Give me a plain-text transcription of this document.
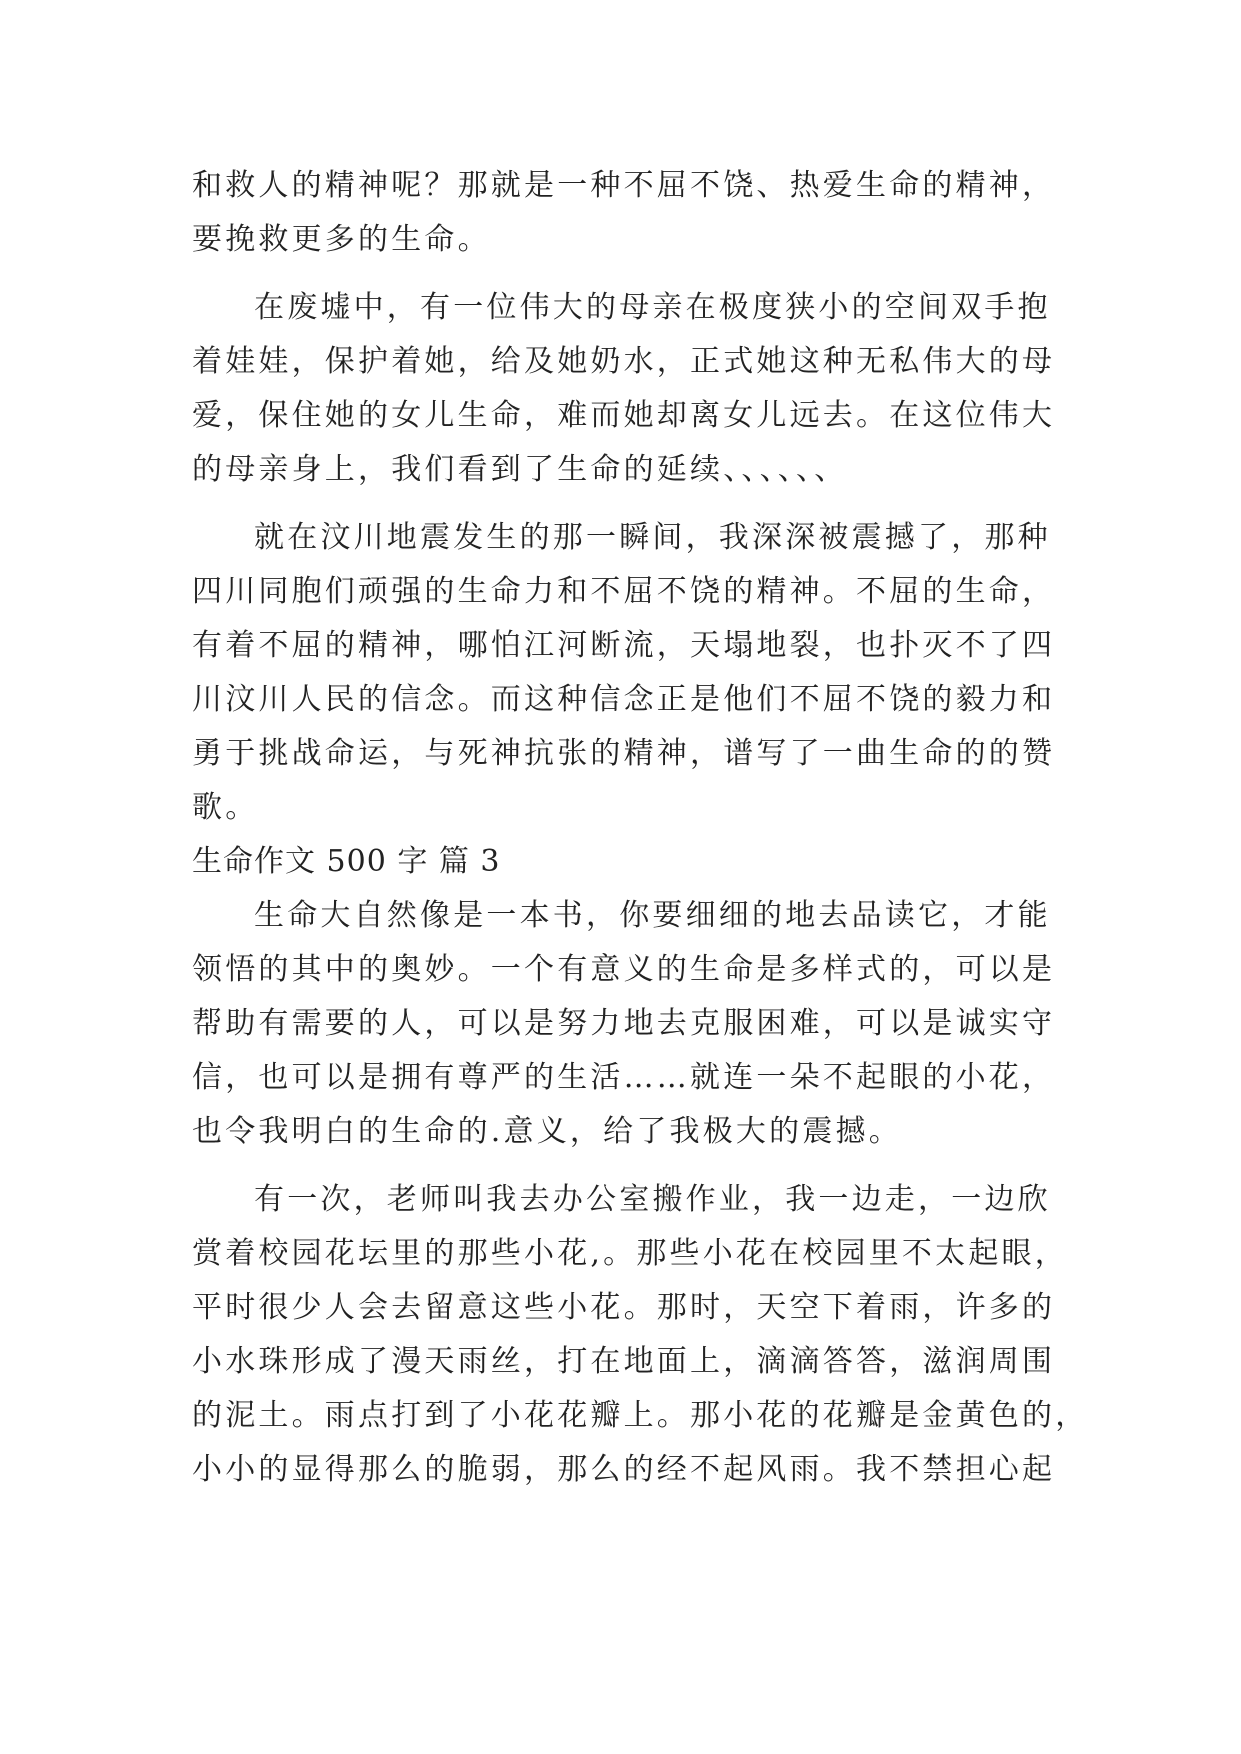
和救人的精神呢？那就是一种不屈不饶、热爱生命的精神，
要挽救更多的生命。
在废墟中，有一位伟大的母亲在极度狭小的空间双手抱
着娃娃，保护着她，给及她奶水，正式她这种无私伟大的母
爱，保住她的女儿生命，难而她却离女儿远去。在这位伟大
的母亲身上，我们看到了生命的延续、、、、、、
就在汶川地震发生的那一瞬间，我深深被震撼了，那种
四川同胞们顽强的生命力和不屈不饶的精神。不屈的生命，
有着不屈的精神，哪怕江河断流，天塌地裂，也扑灭不了四
川汶川人民的信念。而这种信念正是他们不屈不饶的毅力和
勇于挑战命运，与死神抗张的精神，谱写了一曲生命的的赞
歌。
生命作文 500 字 篇 3
生命大自然像是一本书，你要细细的地去品读它，才能
领悟的其中的奥妙。一个有意义的生命是多样式的，可以是
帮助有需要的人，可以是努力地去克服困难，可以是诚实守
信，也可以是拥有尊严的生活……就连一朵不起眼的小花，
也令我明白的生命的.意义，给了我极大的震撼。
有一次，老师叫我去办公室搬作业，我一边走，一边欣
赏着校园花坛里的那些小花,。那些小花在校园里不太起眼，
平时很少人会去留意这些小花。那时，天空下着雨，许多的
小水珠形成了漫天雨丝，打在地面上，滴滴答答，滋润周围
的泥土。雨点打到了小花花瓣上。那小花的花瓣是金黄色的，
小小的显得那么的脆弱，那么的经不起风雨。我不禁担心起
